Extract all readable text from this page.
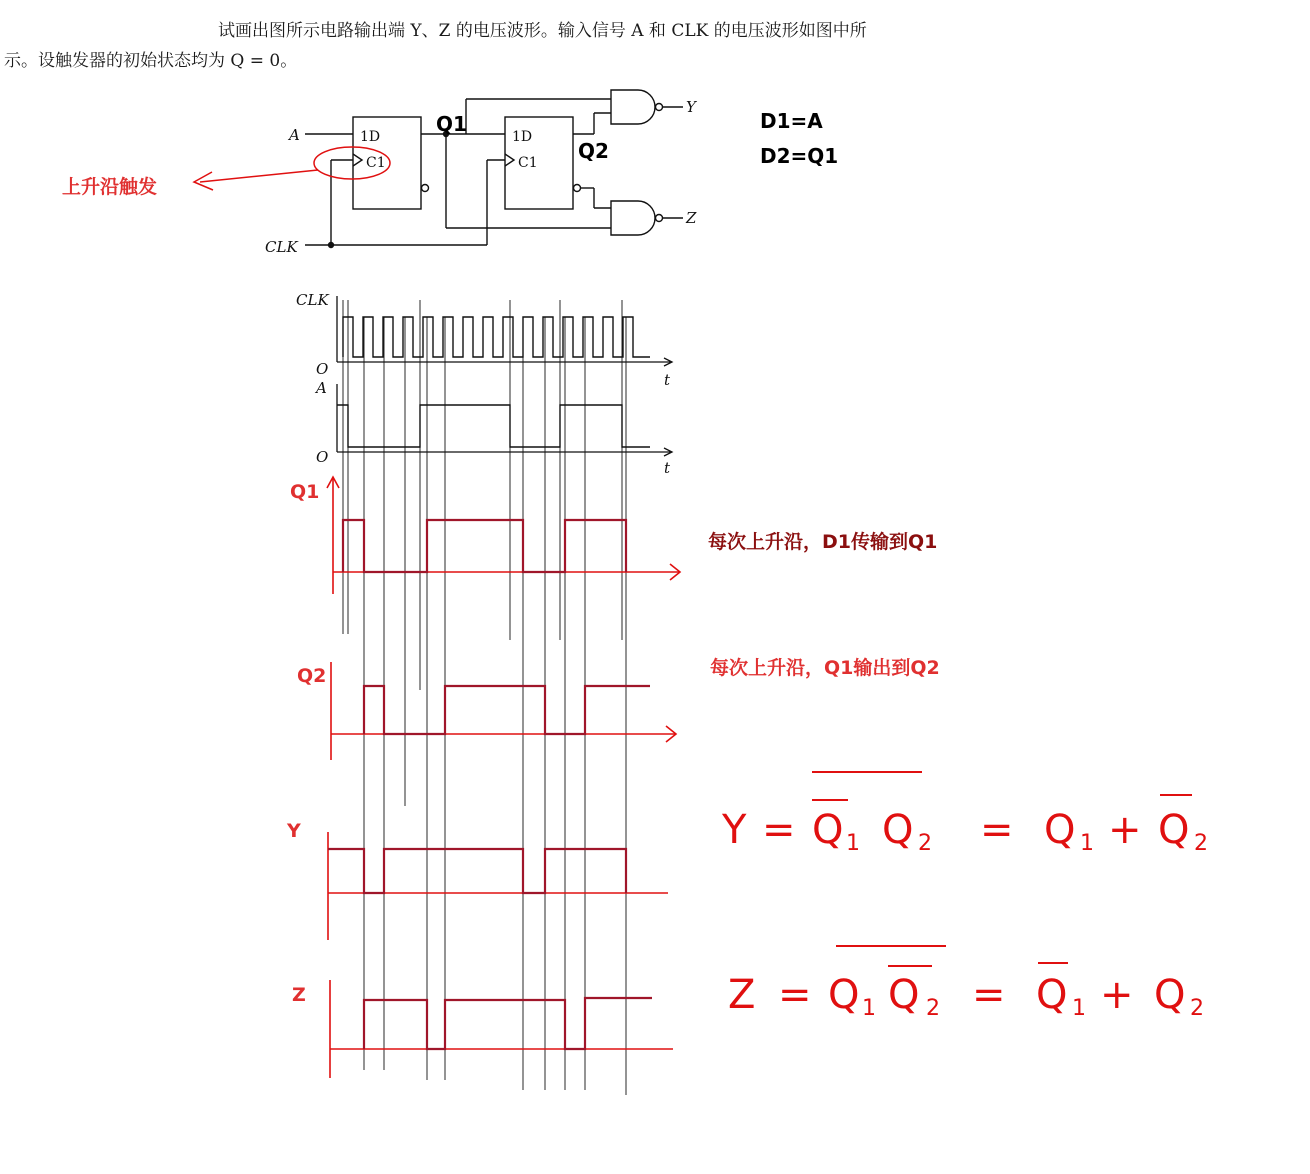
试画出图所示电路输出端 Y、Z 的电压波形。输入信号 A 和 CLK 的电压波形如图中所
示。设触发器的初始状态均为 Q = 0。
A
CLK
1D
C1
1D
C1
Q1
Q2
Y
Z
上升沿触发
D1=A
D2=Q1
CLK
O
t
A
O
t
Q1
Q2
Y
Z
每次上升沿，D1传输到Q1
每次上升沿，Q1输出到Q2
Y = Q 1 Q 2 = Q 1 + Q 2
Z = Q 1 Q 2 = Q 1 + Q 2
